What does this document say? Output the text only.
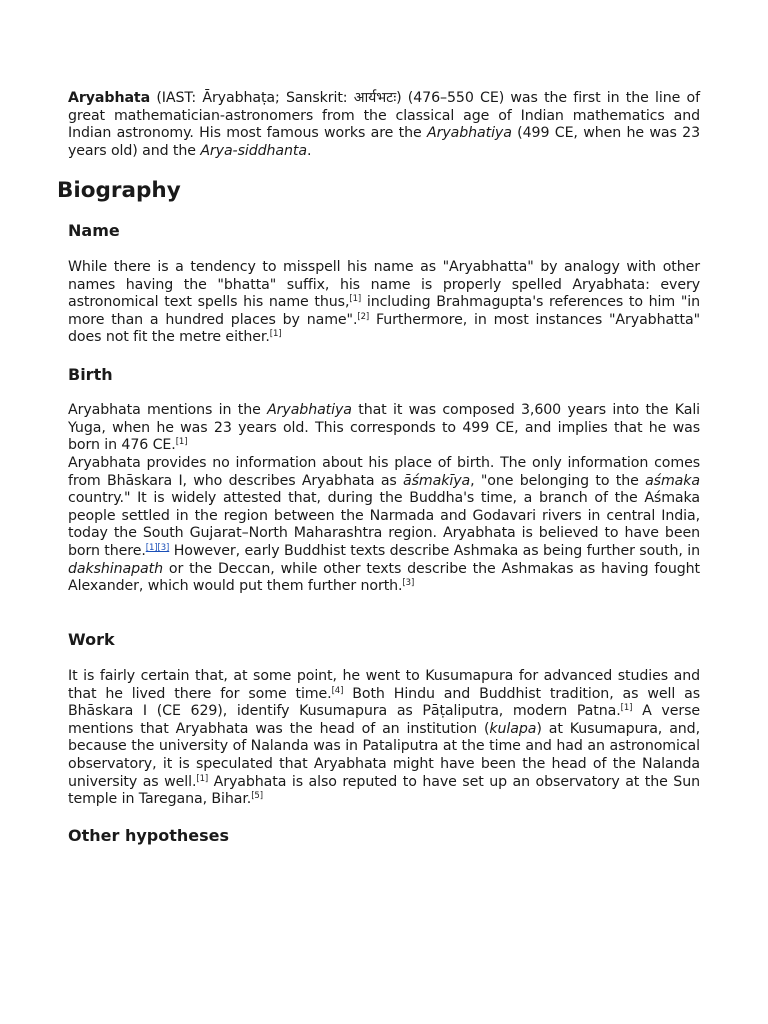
Aryabhata (IAST: Āryabhaṭa; Sanskrit: आर्यभटः) (476–550 CE) was the first in the line of great mathematician-astronomers from the classical age of Indian mathematics and Indian astronomy. His most famous works are the Aryabhatiya (499 CE, when he was 23 years old) and the Arya-siddhanta.

Biography
Name

While there is a tendency to misspell his name as "Aryabhatta" by analogy with other names having the "bhatta" suffix, his name is properly spelled Aryabhata: every astronomical text spells his name thus,[1] including Brahmagupta's references to him "in more than a hundred places by name".[2] Furthermore, in most instances "Aryabhatta" does not fit the metre either.[1]

Birth

Aryabhata mentions in the Aryabhatiya that it was composed 3,600 years into the Kali Yuga, when he was 23 years old. This corresponds to 499 CE, and implies that he was born in 476 CE.[1]

Aryabhata provides no information about his place of birth. The only information comes from Bhāskara I, who describes Aryabhata as āśmakīya, "one belonging to the aśmaka country." It is widely attested that, during the Buddha's time, a branch of the Aśmaka people settled in the region between the Narmada and Godavari rivers in central India, today the South Gujarat–North Maharashtra region. Aryabhata is believed to have been born there.[1][3] However, early Buddhist texts describe Ashmaka as being further south, in dakshinapath or the Deccan, while other texts describe the Ashmakas as having fought Alexander, which would put them further north.[3]

Work

It is fairly certain that, at some point, he went to Kusumapura for advanced studies and that he lived there for some time.[4] Both Hindu and Buddhist tradition, as well as Bhāskara I (CE 629), identify Kusumapura as Pāṭaliputra, modern Patna.[1] A verse mentions that Aryabhata was the head of an institution (kulapa) at Kusumapura, and, because the university of Nalanda was in Pataliputra at the time and had an astronomical observatory, it is speculated that Aryabhata might have been the head of the Nalanda university as well.[1] Aryabhata is also reputed to have set up an observatory at the Sun temple in Taregana, Bihar.[5]

Other hypotheses
